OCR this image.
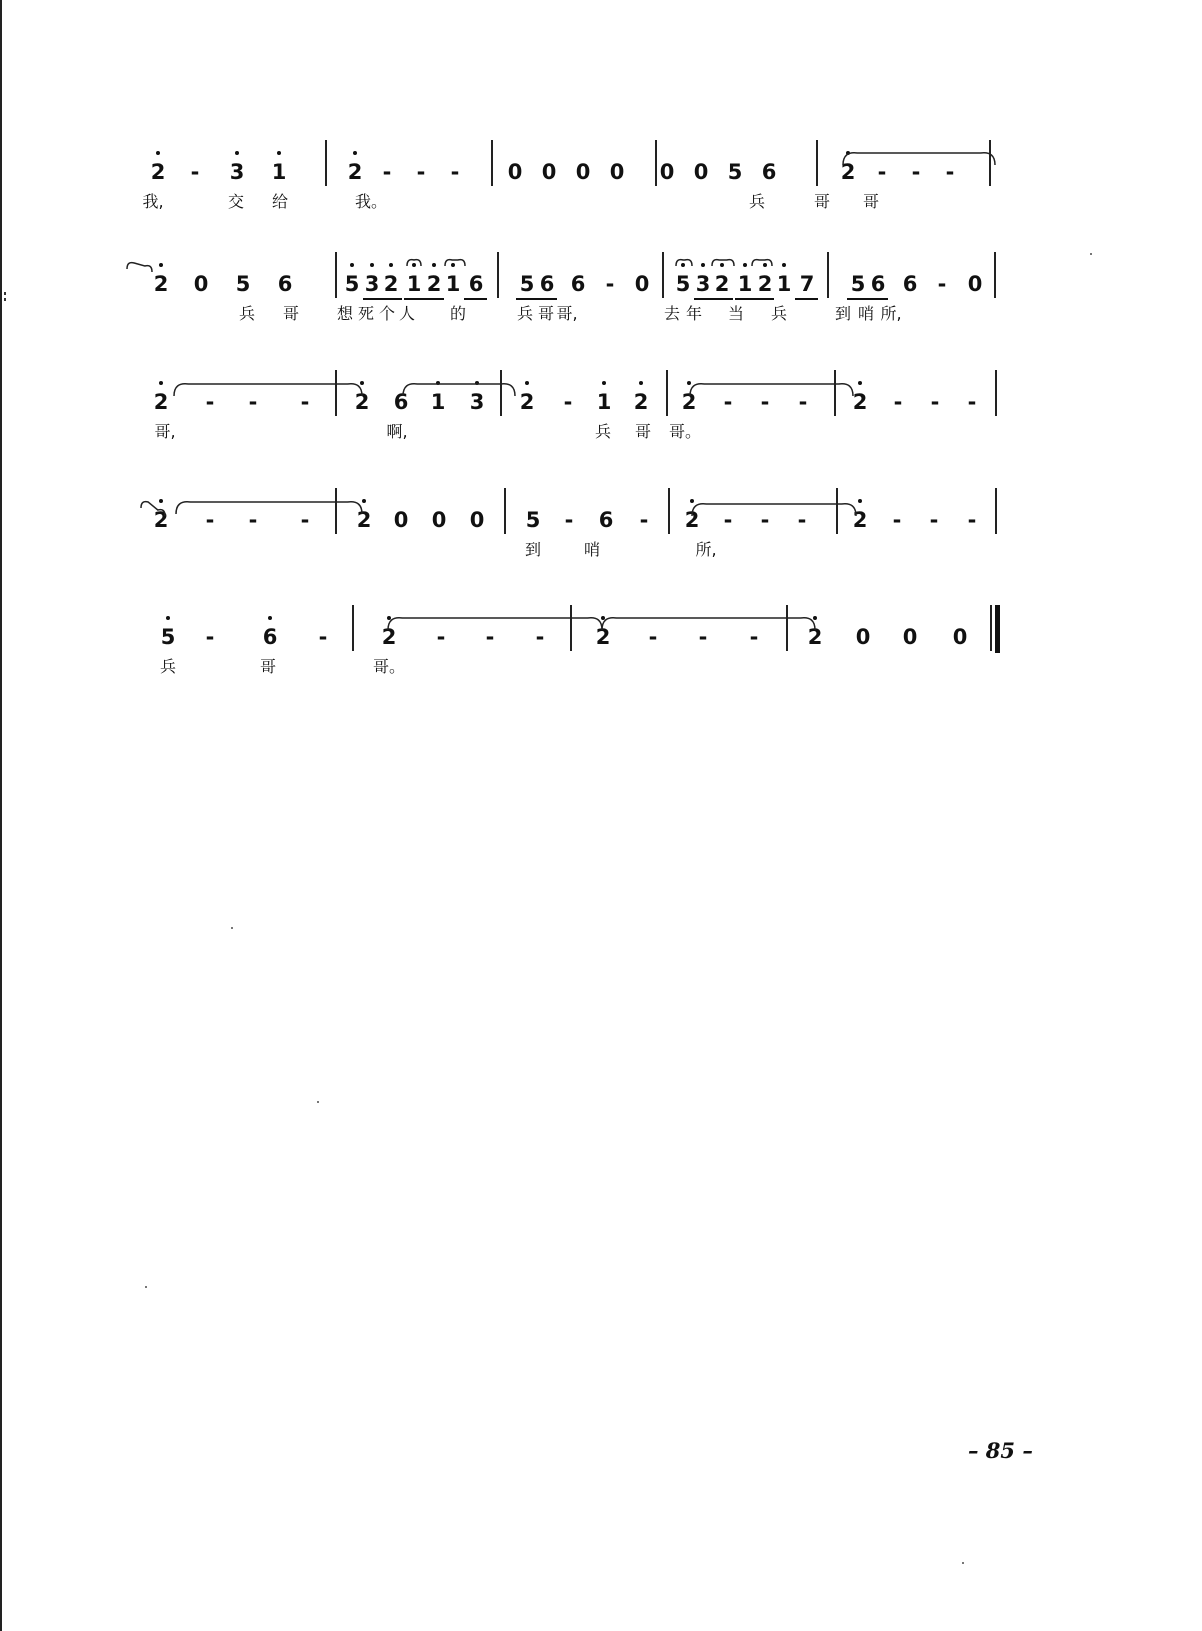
2	-	3 1	2 -	-	-	0 0 0 0 0 0 5 6	2	-	-	-
我,	交 给	我。	兵	哥 哥
2 0 5 6 5 3 2 1 2 1 6 5 6 6 - 0 5 3 2 1 2 1 7 5 6 6 -	0
兵 哥 想 死 个 人 的	兵 哥 哥,	去 年 当 兵	到 哨 所,
2	-	-	-	2 6 1 3 2	-	1 2 2	-	-	-	2	-	-	-
哥,	啊,	兵 哥 哥。
2	-	-	-	2 0 0 0 5	-	6	-	2	-	-	-	2	-	-	-
到	哨	所,
5	-	6	-	2	-	-	-	2	-	-	-	2 0 0 0
兵	哥	哥。
– 85 –
